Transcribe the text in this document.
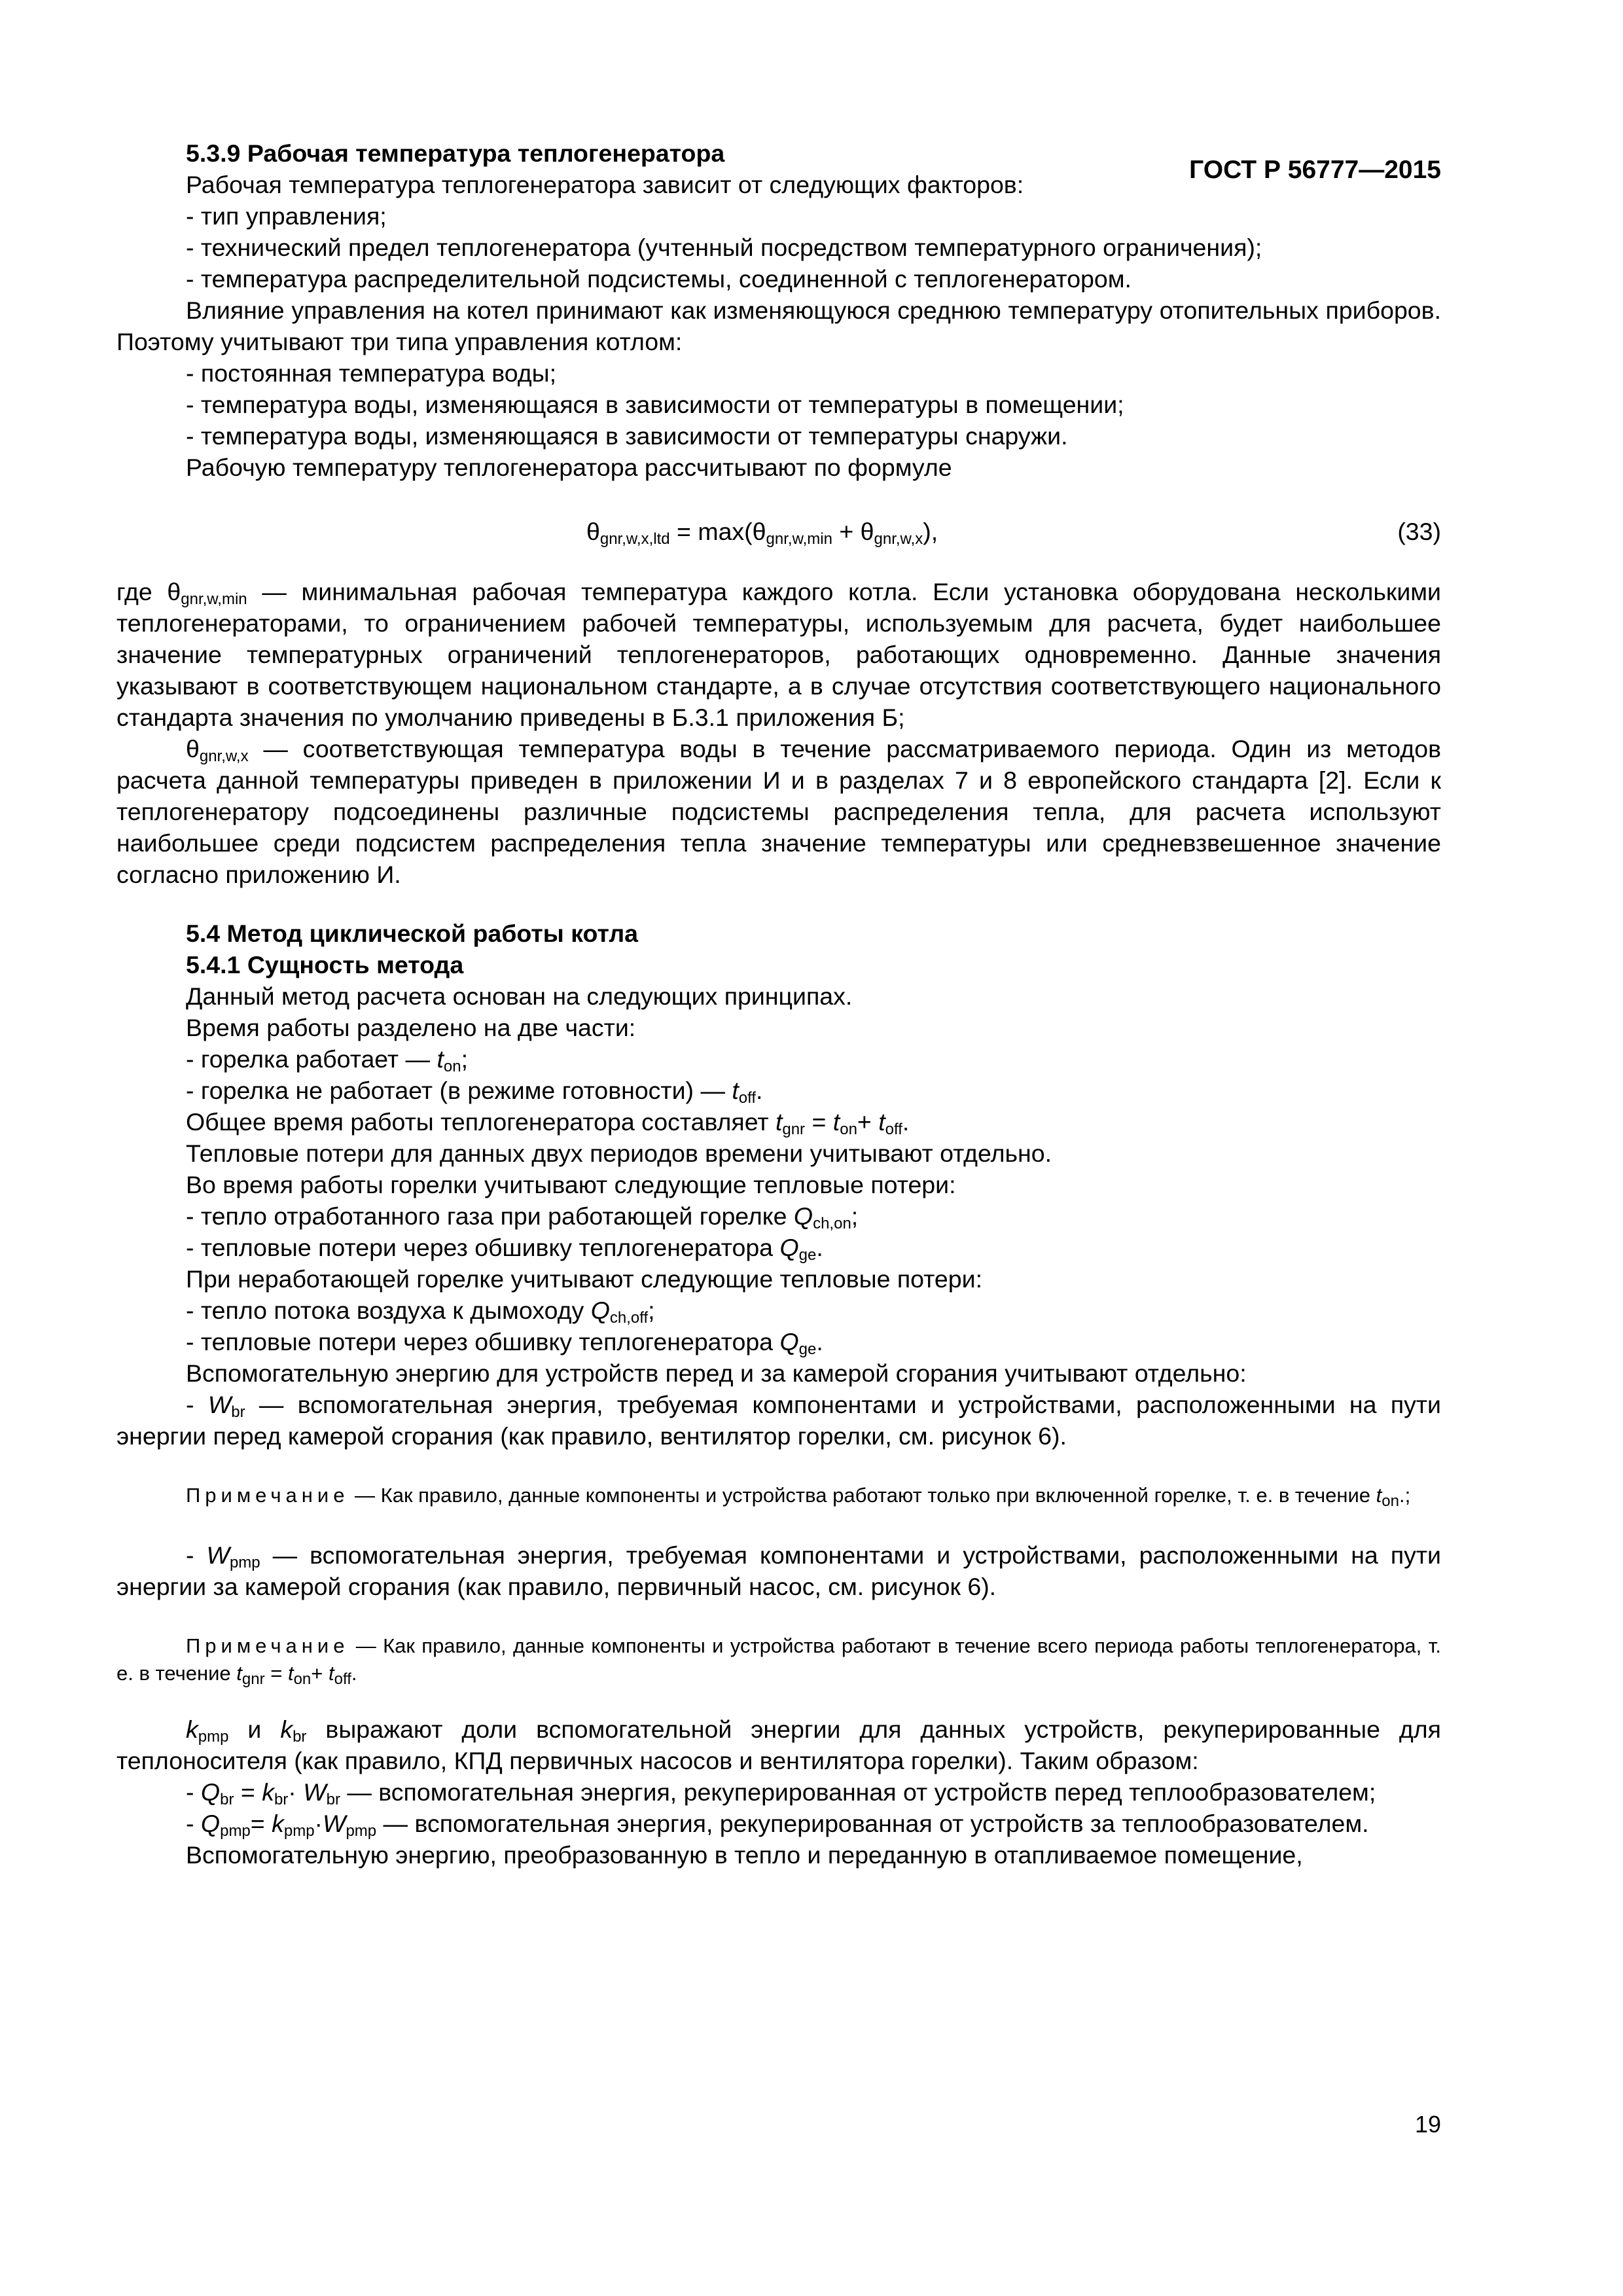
ГОСТ Р 56777—2015

5.3.9 Рабочая температура теплогенератора

Рабочая температура теплогенератора зависит от следующих факторов:

- тип управления;

- технический предел теплогенератора (учтенный посредством температурного ограничения);

- температура распределительной подсистемы, соединенной с теплогенератором.

Влияние управления на котел принимают как изменяющуюся среднюю температуру отопительных приборов. Поэтому учитывают три типа управления котлом:

- постоянная температура воды;

- температура воды, изменяющаяся в зависимости от температуры в помещении;

- температура воды, изменяющаяся в зависимости от температуры снаружи.

Рабочую температуру теплогенератора рассчитывают по формуле

$\theta_{gnr,w,x,ltd} = \max(\theta_{gnr,w,min} + \theta_{gnr,w,x})$,	(33)

где $\theta_{gnr,w,min}$ — минимальная рабочая температура каждого котла. Если установка оборудована несколькими теплогенераторами, то ограничением рабочей температуры, используемым для расчета, будет наибольшее значение температурных ограничений теплогенераторов, работающих одновременно. Данные значения указывают в соответствующем национальном стандарте, а в случае отсутствия соответствующего национального стандарта значения по умолчанию приведены в Б.3.1 приложения Б;

$\theta_{gnr,w,x}$ — соответствующая температура воды в течение рассматриваемого периода. Один из методов расчета данной температуры приведен в приложении И и в разделах 7 и 8 европейского стандарта [2]. Если к теплогенератору подсоединены различные подсистемы распределения тепла, для расчета используют наибольшее среди подсистем распределения тепла значение температуры или средневзвешенное значение согласно приложению И.

5.4 Метод циклической работы котла

5.4.1 Сущность метода

Данный метод расчета основан на следующих принципах.

Время работы разделено на две части:

- горелка работает — $t_{on}$;

- горелка не работает (в режиме готовности) — $t_{off}$.

Общее время работы теплогенератора составляет $t_{gnr} = t_{on}+ t_{off}$.

Тепловые потери для данных двух периодов времени учитывают отдельно.

Во время работы горелки учитывают следующие тепловые потери:

- тепло отработанного газа при работающей горелке $Q_{ch,on}$;

- тепловые потери через обшивку теплогенератора $Q_{ge}$.

При неработающей горелке учитывают следующие тепловые потери:

- тепло потока воздуха к дымоходу $Q_{ch,off}$;

- тепловые потери через обшивку теплогенератора $Q_{ge}$.

Вспомогательную энергию для устройств перед и за камерой сгорания учитывают отдельно:

- $W_{br}$ — вспомогательная энергия, требуемая компонентами и устройствами, расположенными на пути энергии перед камерой сгорания (как правило, вентилятор горелки, см. рисунок 6).

Примечание — Как правило, данные компоненты и устройства работают только при включенной горелке, т. е. в течение $t_{on}$.;

- $W_{pmp}$ — вспомогательная энергия, требуемая компонентами и устройствами, расположенными на пути энергии за камерой сгорания (как правило, первичный насос, см. рисунок 6).

Примечание — Как правило, данные компоненты и устройства работают в течение всего периода работы теплогенератора, т. е. в течение $t_{gnr} = t_{on}+ t_{off}$.

$k_{pmp}$ и $k_{br}$ выражают доли вспомогательной энергии для данных устройств, рекуперированные для теплоносителя (как правило, КПД первичных насосов и вентилятора горелки). Таким образом:

- $Q_{br} = k_{br}\cdot W_{br}$ — вспомогательная энергия, рекуперированная от устройств перед теплообразователем;

- $Q_{pmp}= k_{pmp}\cdot W_{pmp}$ — вспомогательная энергия, рекуперированная от устройств за теплообразователем.

Вспомогательную энергию, преобразованную в тепло и переданную в отапливаемое помещение,

19
